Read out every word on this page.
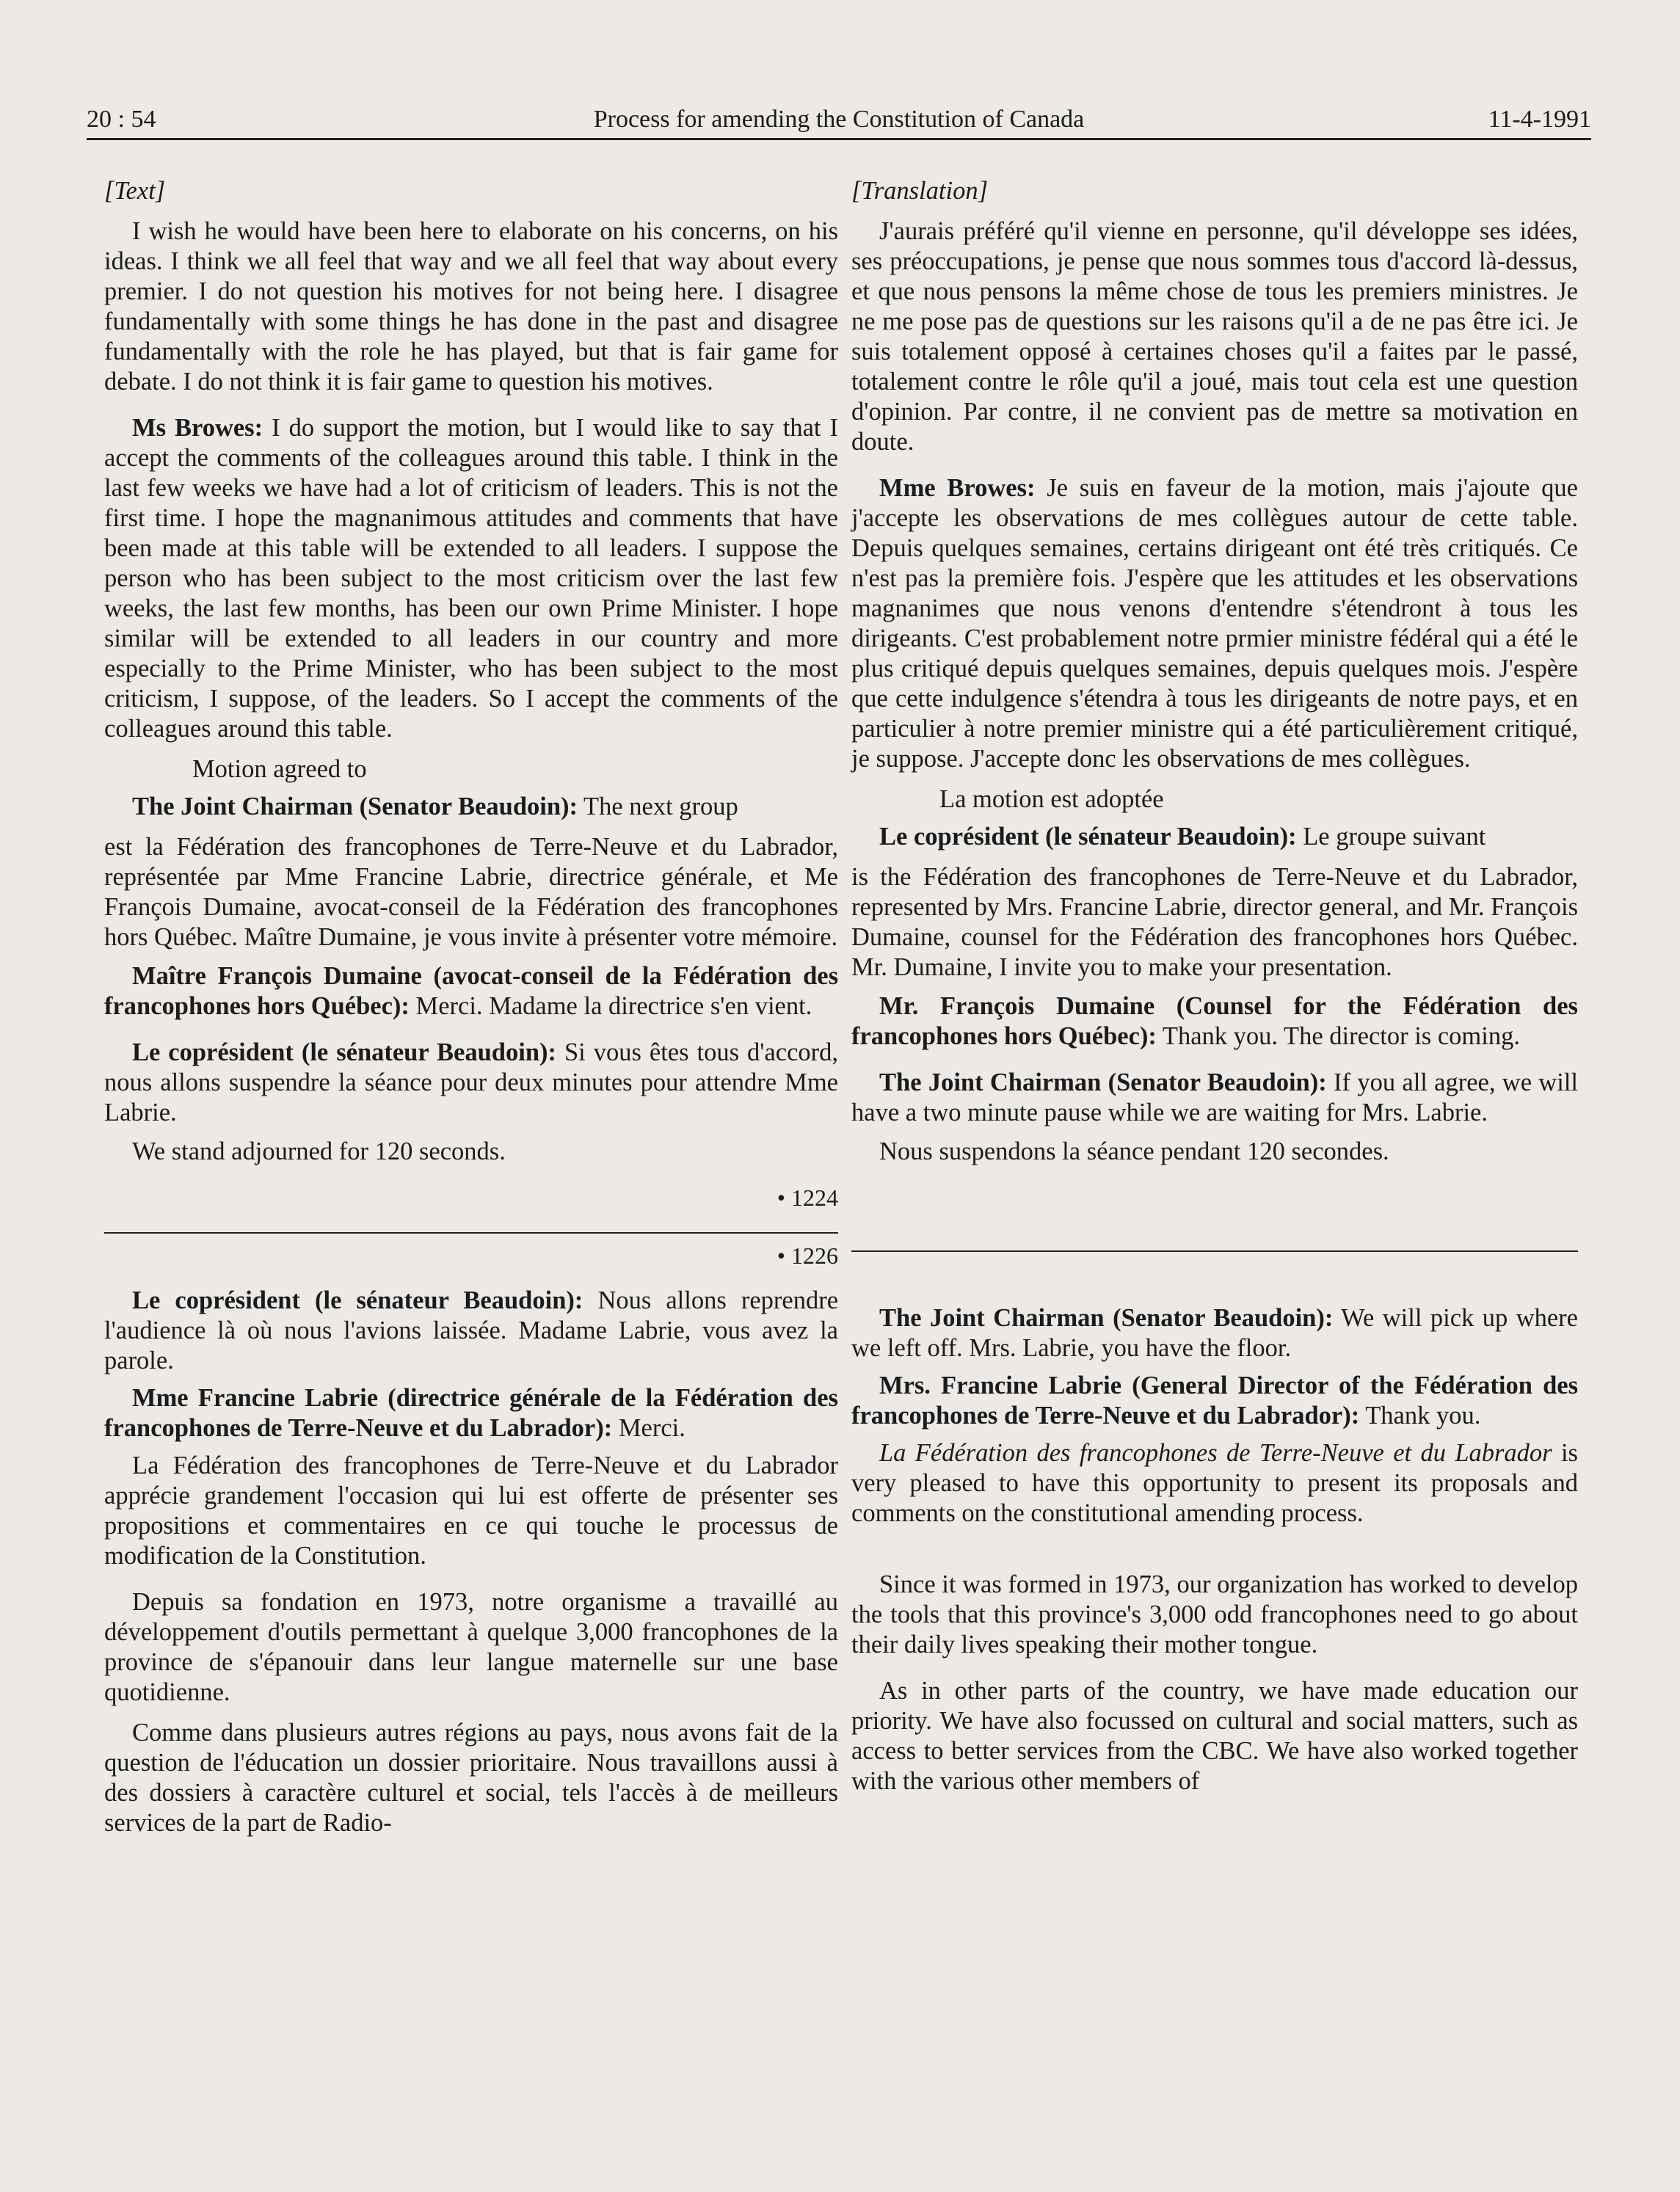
20 : 54	Process for amending the Constitution of Canada	11-4-1991

[Text]

I wish he would have been here to elaborate on his concerns, on his ideas. I think we all feel that way and we all feel that way about every premier. I do not question his motives for not being here. I disagree fundamentally with some things he has done in the past and disagree fundamentally with the role he has played, but that is fair game for debate. I do not think it is fair game to question his motives.

Ms Browes: I do support the motion, but I would like to say that I accept the comments of the colleagues around this table. I think in the last few weeks we have had a lot of criticism of leaders. This is not the first time. I hope the magnanimous attitudes and comments that have been made at this table will be extended to all leaders. I suppose the person who has been subject to the most criticism over the last few weeks, the last few months, has been our own Prime Minister. I hope similar will be extended to all leaders in our country and more especially to the Prime Minister, who has been subject to the most criticism, I suppose, of the leaders. So I accept the comments of the colleagues around this table.

Motion agreed to

The Joint Chairman (Senator Beaudoin): The next group

est la Fédération des francophones de Terre-Neuve et du Labrador, représentée par Mme Francine Labrie, directrice générale, et Me François Dumaine, avocat-conseil de la Fédération des francophones hors Québec. Maître Dumaine, je vous invite à présenter votre mémoire.

Maître François Dumaine (avocat-conseil de la Fédération des francophones hors Québec): Merci. Madame la directrice s'en vient.

Le coprésident (le sénateur Beaudoin): Si vous êtes tous d'accord, nous allons suspendre la séance pour deux minutes pour attendre Mme Labrie.

We stand adjourned for 120 seconds.

• 1224

• 1226

Le coprésident (le sénateur Beaudoin): Nous allons reprendre l'audience là où nous l'avions laissée. Madame Labrie, vous avez la parole.

Mme Francine Labrie (directrice générale de la Fédération des francophones de Terre-Neuve et du Labrador): Merci.

La Fédération des francophones de Terre-Neuve et du Labrador apprécie grandement l'occasion qui lui est offerte de présenter ses propositions et commentaires en ce qui touche le processus de modification de la Constitution.

Depuis sa fondation en 1973, notre organisme a travaillé au développement d'outils permettant à quelque 3,000 francophones de la province de s'épanouir dans leur langue maternelle sur une base quotidienne.

Comme dans plusieurs autres régions au pays, nous avons fait de la question de l'éducation un dossier prioritaire. Nous travaillons aussi à des dossiers à caractère culturel et social, tels l'accès à de meilleurs services de la part de Radio-

[Translation]

J'aurais préféré qu'il vienne en personne, qu'il développe ses idées, ses préoccupations, je pense que nous sommes tous d'accord là-dessus, et que nous pensons la même chose de tous les premiers ministres. Je ne me pose pas de questions sur les raisons qu'il a de ne pas être ici. Je suis totalement opposé à certaines choses qu'il a faites par le passé, totalement contre le rôle qu'il a joué, mais tout cela est une question d'opinion. Par contre, il ne convient pas de mettre sa motivation en doute.

Mme Browes: Je suis en faveur de la motion, mais j'ajoute que j'accepte les observations de mes collègues autour de cette table. Depuis quelques semaines, certains dirigeant ont été très critiqués. Ce n'est pas la première fois. J'espère que les attitudes et les observations magnanimes que nous venons d'entendre s'étendront à tous les dirigeants. C'est probablement notre prmier ministre fédéral qui a été le plus critiqué depuis quelques semaines, depuis quelques mois. J'espère que cette indulgence s'étendra à tous les dirigeants de notre pays, et en particulier à notre premier ministre qui a été particulièrement critiqué, je suppose. J'accepte donc les observations de mes collègues.

La motion est adoptée

Le coprésident (le sénateur Beaudoin): Le groupe suivant

is the Fédération des francophones de Terre-Neuve et du Labrador, represented by Mrs. Francine Labrie, director general, and Mr. François Dumaine, counsel for the Fédération des francophones hors Québec. Mr. Dumaine, I invite you to make your presentation.

Mr. François Dumaine (Counsel for the Fédération des francophones hors Québec): Thank you. The director is coming.

The Joint Chairman (Senator Beaudoin): If you all agree, we will have a two minute pause while we are waiting for Mrs. Labrie.

Nous suspendons la séance pendant 120 secondes.

The Joint Chairman (Senator Beaudoin): We will pick up where we left off. Mrs. Labrie, you have the floor.

Mrs. Francine Labrie (General Director of the Fédération des francophones de Terre-Neuve et du Labrador): Thank you.

La Fédération des francophones de Terre-Neuve et du Labrador is very pleased to have this opportunity to present its proposals and comments on the constitutional amending process.

Since it was formed in 1973, our organization has worked to develop the tools that this province's 3,000 odd francophones need to go about their daily lives speaking their mother tongue.

As in other parts of the country, we have made education our priority. We have also focussed on cultural and social matters, such as access to better services from the CBC. We have also worked together with the various other members of
